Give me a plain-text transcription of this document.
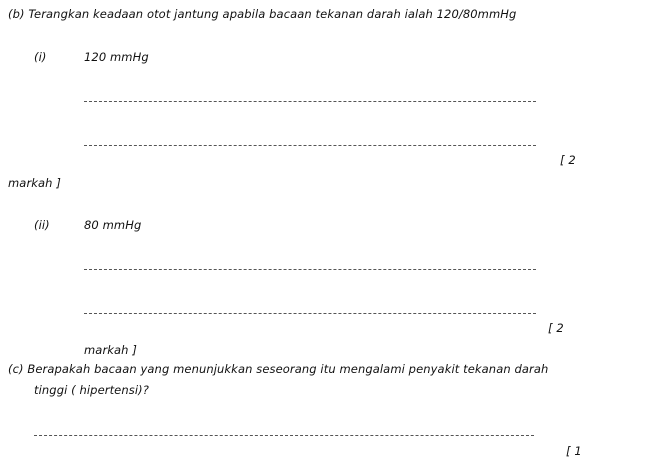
(b) Terangkan keadaan otot jantung apabila bacaan tekanan darah ialah 120/80mmHg
(i)	120 mmHg
[ 2
markah ]
(ii)	80 mmHg
[ 2
markah ]
(c) Berapakah bacaan yang menunjukkan seseorang itu mengalami penyakit tekanan darah
tinggi ( hipertensi)?
[ 1
